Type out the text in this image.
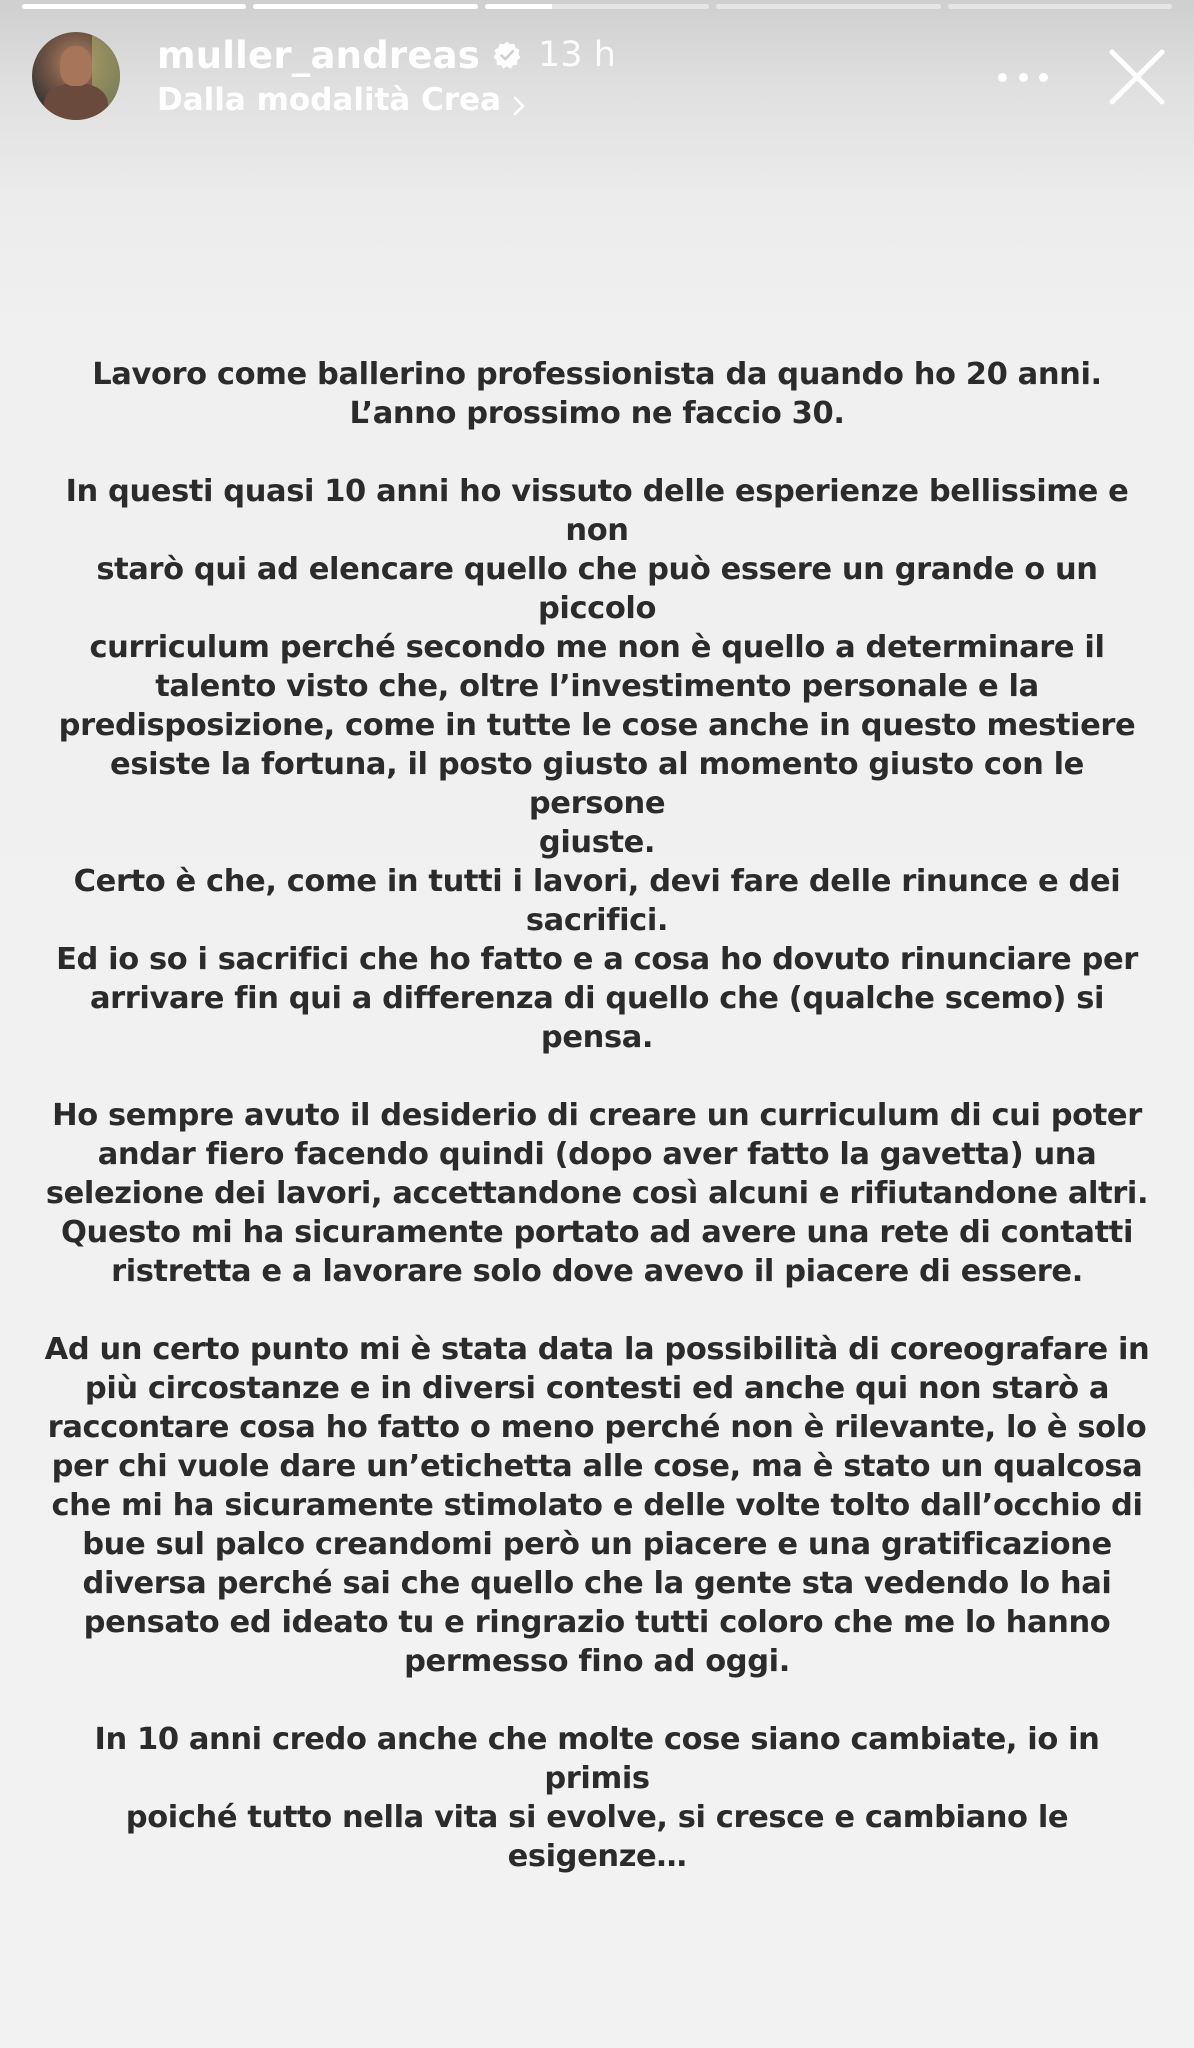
muller_andreas 13 h
Dalla modalità Crea

Lavoro come ballerino professionista da quando ho 20 anni.
L’anno prossimo ne faccio 30.

In questi quasi 10 anni ho vissuto delle esperienze bellissime e non
starò qui ad elencare quello che può essere un grande o un piccolo
curriculum perché secondo me non è quello a determinare il
talento visto che, oltre l’investimento personale e la
predisposizione, come in tutte le cose anche in questo mestiere
esiste la fortuna, il posto giusto al momento giusto con le persone
giuste.
Certo è che, come in tutti i lavori, devi fare delle rinunce e dei
sacrifici.
Ed io so i sacrifici che ho fatto e a cosa ho dovuto rinunciare per
arrivare fin qui a differenza di quello che (qualche scemo) si
pensa.

Ho sempre avuto il desiderio di creare un curriculum di cui poter
andar fiero facendo quindi (dopo aver fatto la gavetta) una
selezione dei lavori, accettandone così alcuni e rifiutandone altri.
Questo mi ha sicuramente portato ad avere una rete di contatti
ristretta e a lavorare solo dove avevo il piacere di essere.

Ad un certo punto mi è stata data la possibilità di coreografare in
più circostanze e in diversi contesti ed anche qui non starò a
raccontare cosa ho fatto o meno perché non è rilevante, lo è solo
per chi vuole dare un’etichetta alle cose, ma è stato un qualcosa
che mi ha sicuramente stimolato e delle volte tolto dall’occhio di
bue sul palco creandomi però un piacere e una gratificazione
diversa perché sai che quello che la gente sta vedendo lo hai
pensato ed ideato tu e ringrazio tutti coloro che me lo hanno
permesso fino ad oggi.

In 10 anni credo anche che molte cose siano cambiate, io in primis
poiché tutto nella vita si evolve, si cresce e cambiano le
esigenze…
